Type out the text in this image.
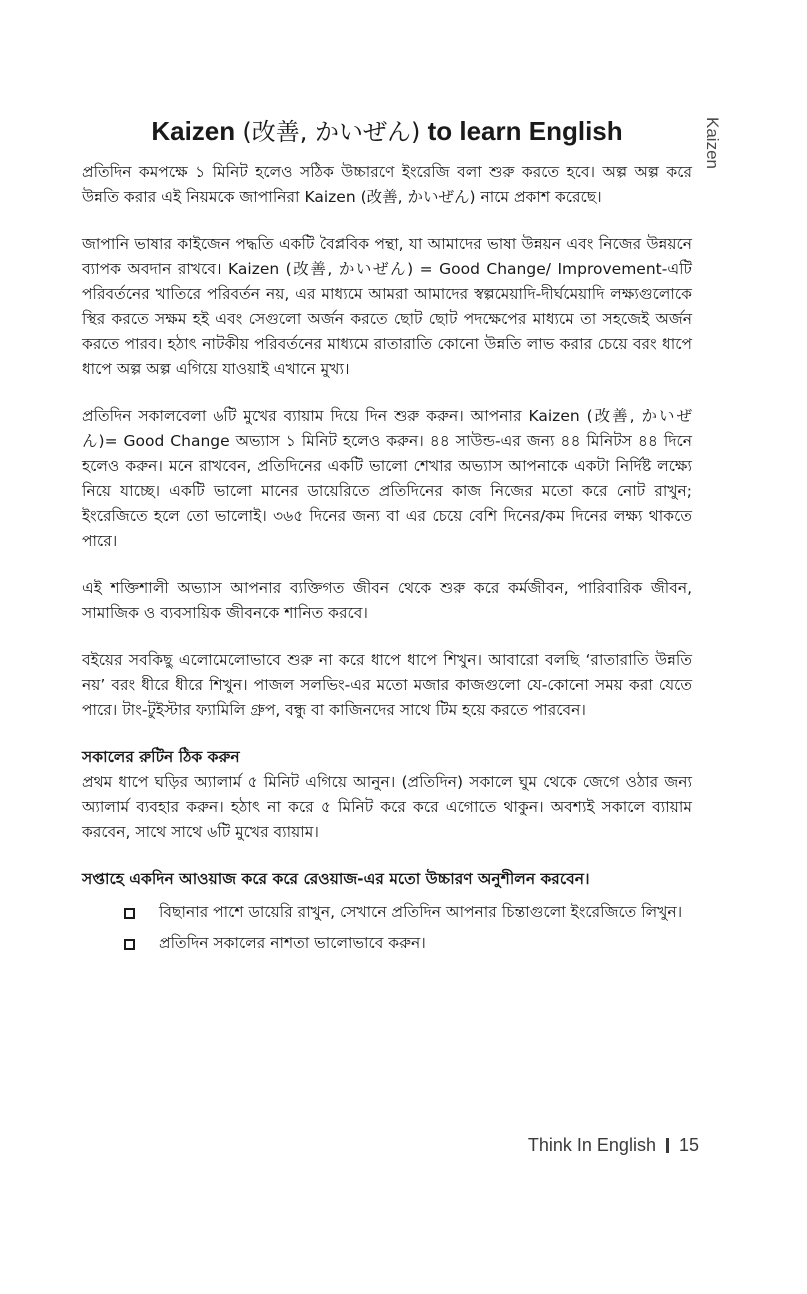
Kaizen
Kaizen (改善, かいぜん) to learn English

প্রতিদিন কমপক্ষে ১ মিনিট হলেও সঠিক উচ্চারণে ইংরেজি বলা শুরু করতে হবে। অল্প অল্প করে উন্নতি করার এই নিয়মকে জাপানিরা Kaizen (改善, かいぜん) নামে প্রকাশ করেছে।

জাপানি ভাষার কাইজেন পদ্ধতি একটি বৈপ্লবিক পন্থা, যা আমাদের ভাষা উন্নয়ন এবং নিজের উন্নয়নে ব্যাপক অবদান রাখবে। Kaizen (改善, かいぜん) = Good Change/ Improvement-এটি পরিবর্তনের খাতিরে পরিবর্তন নয়, এর মাধ্যমে আমরা আমাদের স্বল্পমেয়াদি-দীর্ঘমেয়াদি লক্ষ্যগুলোকে স্থির করতে সক্ষম হই এবং সেগুলো অর্জন করতে ছোট ছোট পদক্ষেপের মাধ্যমে তা সহজেই অর্জন করতে পারব। হঠাৎ নাটকীয় পরিবর্তনের মাধ্যমে রাতারাতি কোনো উন্নতি লাভ করার চেয়ে বরং ধাপে ধাপে অল্প অল্প এগিয়ে যাওয়াই এখানে মুখ্য।

প্রতিদিন সকালবেলা ৬টি মুখের ব্যায়াম দিয়ে দিন শুরু করুন। আপনার Kaizen (改善, かいぜん)= Good Change অভ্যাস ১ মিনিট হলেও করুন। ৪৪ সাউন্ড-এর জন্য ৪৪ মিনিটস ৪৪ দিনে হলেও করুন। মনে রাখবেন, প্রতিদিনের একটি ভালো শেখার অভ্যাস আপনাকে একটা নির্দিষ্ট লক্ষ্যে নিয়ে যাচ্ছে। একটি ভালো মানের ডায়েরিতে প্রতিদিনের কাজ নিজের মতো করে নোট রাখুন; ইংরেজিতে হলে তো ভালোই। ৩৬৫ দিনের জন্য বা এর চেয়ে বেশি দিনের/কম দিনের লক্ষ্য থাকতে পারে।

এই শক্তিশালী অভ্যাস আপনার ব্যক্তিগত জীবন থেকে শুরু করে কর্মজীবন, পারিবারিক জীবন, সামাজিক ও ব্যবসায়িক জীবনকে শানিত করবে।

বইয়ের সবকিছু এলোমেলোভাবে শুরু না করে ধাপে ধাপে শিখুন। আবারো বলছি ‘রাতারাতি উন্নতি নয়’ বরং ধীরে ধীরে শিখুন। পাজল সলভিং-এর মতো মজার কাজগুলো যে-কোনো সময় করা যেতে পারে। টাং-টুইস্টার ফ্যামিলি গ্রুপ, বন্ধু বা কাজিনদের সাথে টিম হয়ে করতে পারবেন।

সকালের রুটিন ঠিক করুন

প্রথম ধাপে ঘড়ির অ্যালার্ম ৫ মিনিট এগিয়ে আনুন। (প্রতিদিন) সকালে ঘুম থেকে জেগে ওঠার জন্য অ্যালার্ম ব্যবহার করুন। হঠাৎ না করে ৫ মিনিট করে করে এগোতে থাকুন। অবশ্যই সকালে ব্যায়াম করবেন, সাথে সাথে ৬টি মুখের ব্যায়াম।

সপ্তাহে একদিন আওয়াজ করে করে রেওয়াজ-এর মতো উচ্চারণ অনুশীলন করবেন।

বিছানার পাশে ডায়েরি রাখুন, সেখানে প্রতিদিন আপনার চিন্তাগুলো ইংরেজিতে লিখুন।
প্রতিদিন সকালের নাশতা ভালোভাবে করুন।
Think In English 15
